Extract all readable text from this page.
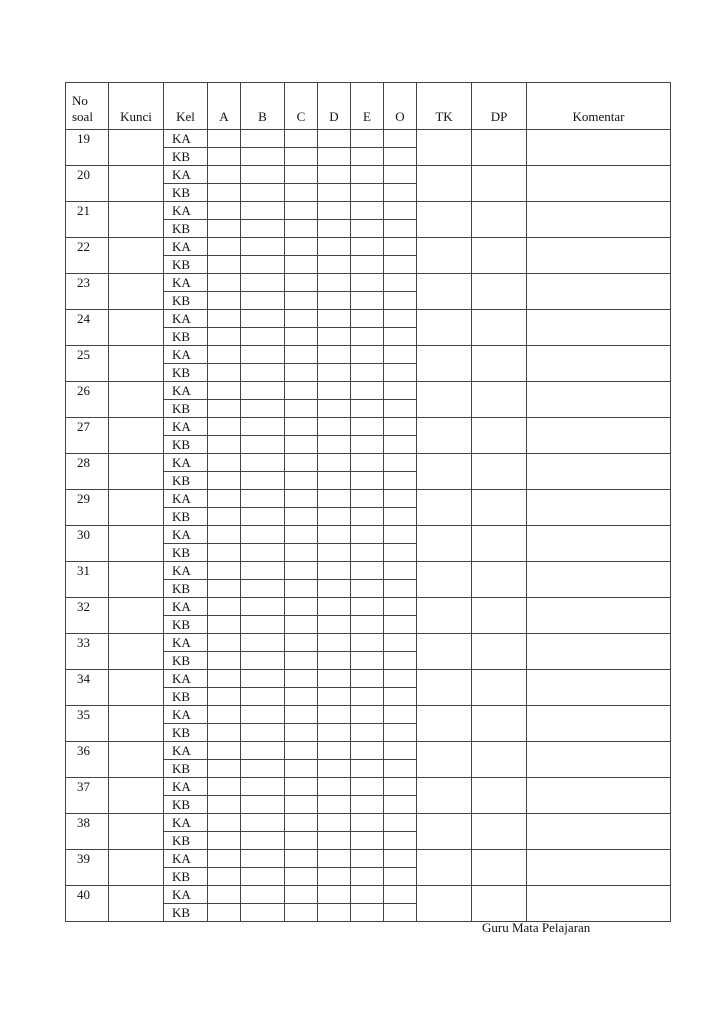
No
soal	Kunci	Kel	A	B	C	D	E	O	TK	DP	Komentar
19		KA									
		KB									
20		KA									
		KB									
21		KA									
		KB									
22		KA									
		KB									
23		KA									
		KB									
24		KA									
		KB									
25		KA									
		KB									
26		KA									
		KB									
27		KA									
		KB									
28		KA									
		KB									
29		KA									
		KB									
30		KA									
		KB									
31		KA									
		KB									
32		KA									
		KB									
33		KA									
		KB									
34		KA									
		KB									
35		KA									
		KB									
36		KA									
		KB									
37		KA									
		KB									
38		KA									
		KB									
39		KA									
		KB									
40		KA									
		KB									
Guru Mata Pelajaran
